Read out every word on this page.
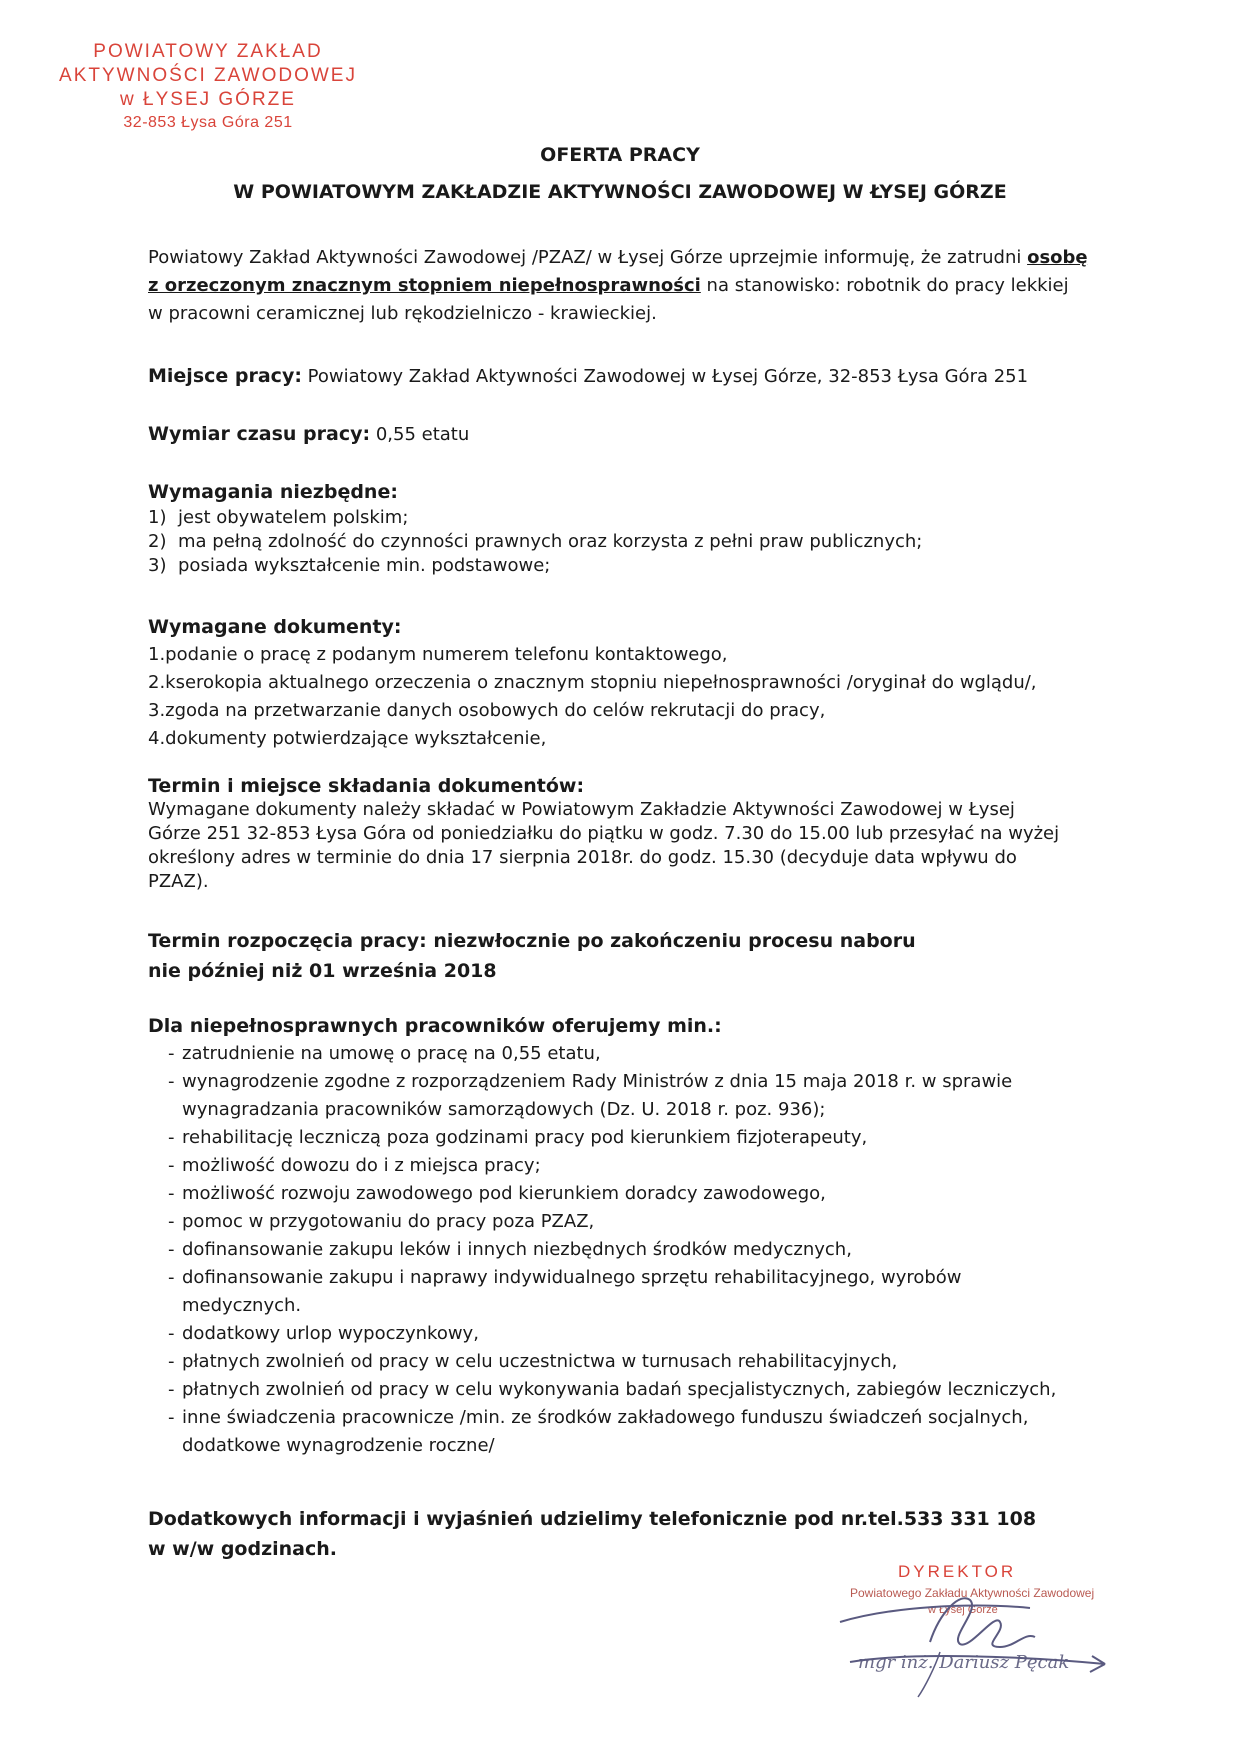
POWIATOWY ZAKŁAD
AKTYWNOŚCI ZAWODOWEJ
w ŁYSEJ GÓRZE
32-853 Łysa Góra 251
OFERTA PRACY
W POWIATOWYM ZAKŁADZIE AKTYWNOŚCI ZAWODOWEJ W ŁYSEJ GÓRZE
Powiatowy Zakład Aktywności Zawodowej /PZAZ/ w Łysej Górze uprzejmie informuję, że zatrudni osobę z orzeczonym znacznym stopniem niepełnosprawności na stanowisko: robotnik do pracy lekkiej w pracowni ceramicznej lub rękodzielniczo - krawieckiej.
Miejsce pracy: Powiatowy Zakład Aktywności Zawodowej w Łysej Górze, 32-853 Łysa Góra 251
Wymiar czasu pracy: 0,55 etatu
Wymagania niezbędne:
1) jest obywatelem polskim;
2) ma pełną zdolność do czynności prawnych oraz korzysta z pełni praw publicznych;
3) posiada wykształcenie min. podstawowe;
Wymagane dokumenty:
1.podanie o pracę z podanym numerem telefonu kontaktowego,
2.kserokopia aktualnego orzeczenia o znacznym stopniu niepełnosprawności /oryginał do wglądu/,
3.zgoda na przetwarzanie danych osobowych do celów rekrutacji do pracy,
4.dokumenty potwierdzające wykształcenie,
Termin i miejsce składania dokumentów:
Wymagane dokumenty należy składać w Powiatowym Zakładzie Aktywności Zawodowej w Łysej Górze 251 32-853 Łysa Góra od poniedziałku do piątku w godz. 7.30 do 15.00 lub przesyłać na wyżej określony adres w terminie do dnia 17 sierpnia 2018r. do godz. 15.30 (decyduje data wpływu do PZAZ).
Termin rozpoczęcia pracy: niezwłocznie po zakończeniu procesu naboru
nie później niż 01 września 2018
Dla niepełnosprawnych pracowników oferujemy min.:
- zatrudnienie na umowę o pracę na 0,55 etatu,
- wynagrodzenie zgodne z rozporządzeniem Rady Ministrów z dnia 15 maja 2018 r. w sprawie wynagradzania pracowników samorządowych (Dz. U. 2018 r. poz. 936);
- rehabilitację leczniczą poza godzinami pracy pod kierunkiem fizjoterapeuty,
- możliwość dowozu do i z miejsca pracy;
- możliwość rozwoju zawodowego pod kierunkiem doradcy zawodowego,
- pomoc w przygotowaniu do pracy poza PZAZ,
- dofinansowanie zakupu leków i innych niezbędnych środków medycznych,
- dofinansowanie zakupu i naprawy indywidualnego sprzętu rehabilitacyjnego, wyrobów medycznych.
- dodatkowy urlop wypoczynkowy,
- płatnych zwolnień od pracy w celu uczestnictwa w turnusach rehabilitacyjnych,
- płatnych zwolnień od pracy w celu wykonywania badań specjalistycznych, zabiegów leczniczych,
- inne świadczenia pracownicze /min. ze środków zakładowego funduszu świadczeń socjalnych, dodatkowe wynagrodzenie roczne/
Dodatkowych informacji i wyjaśnień udzielimy telefonicznie pod nr.tel.533 331 108
w w/w godzinach.
DYREKTOR
Powiatowego Zakładu Aktywności Zawodowej
w Łysej Górze
mgr inż. Dariusz Pęcak
